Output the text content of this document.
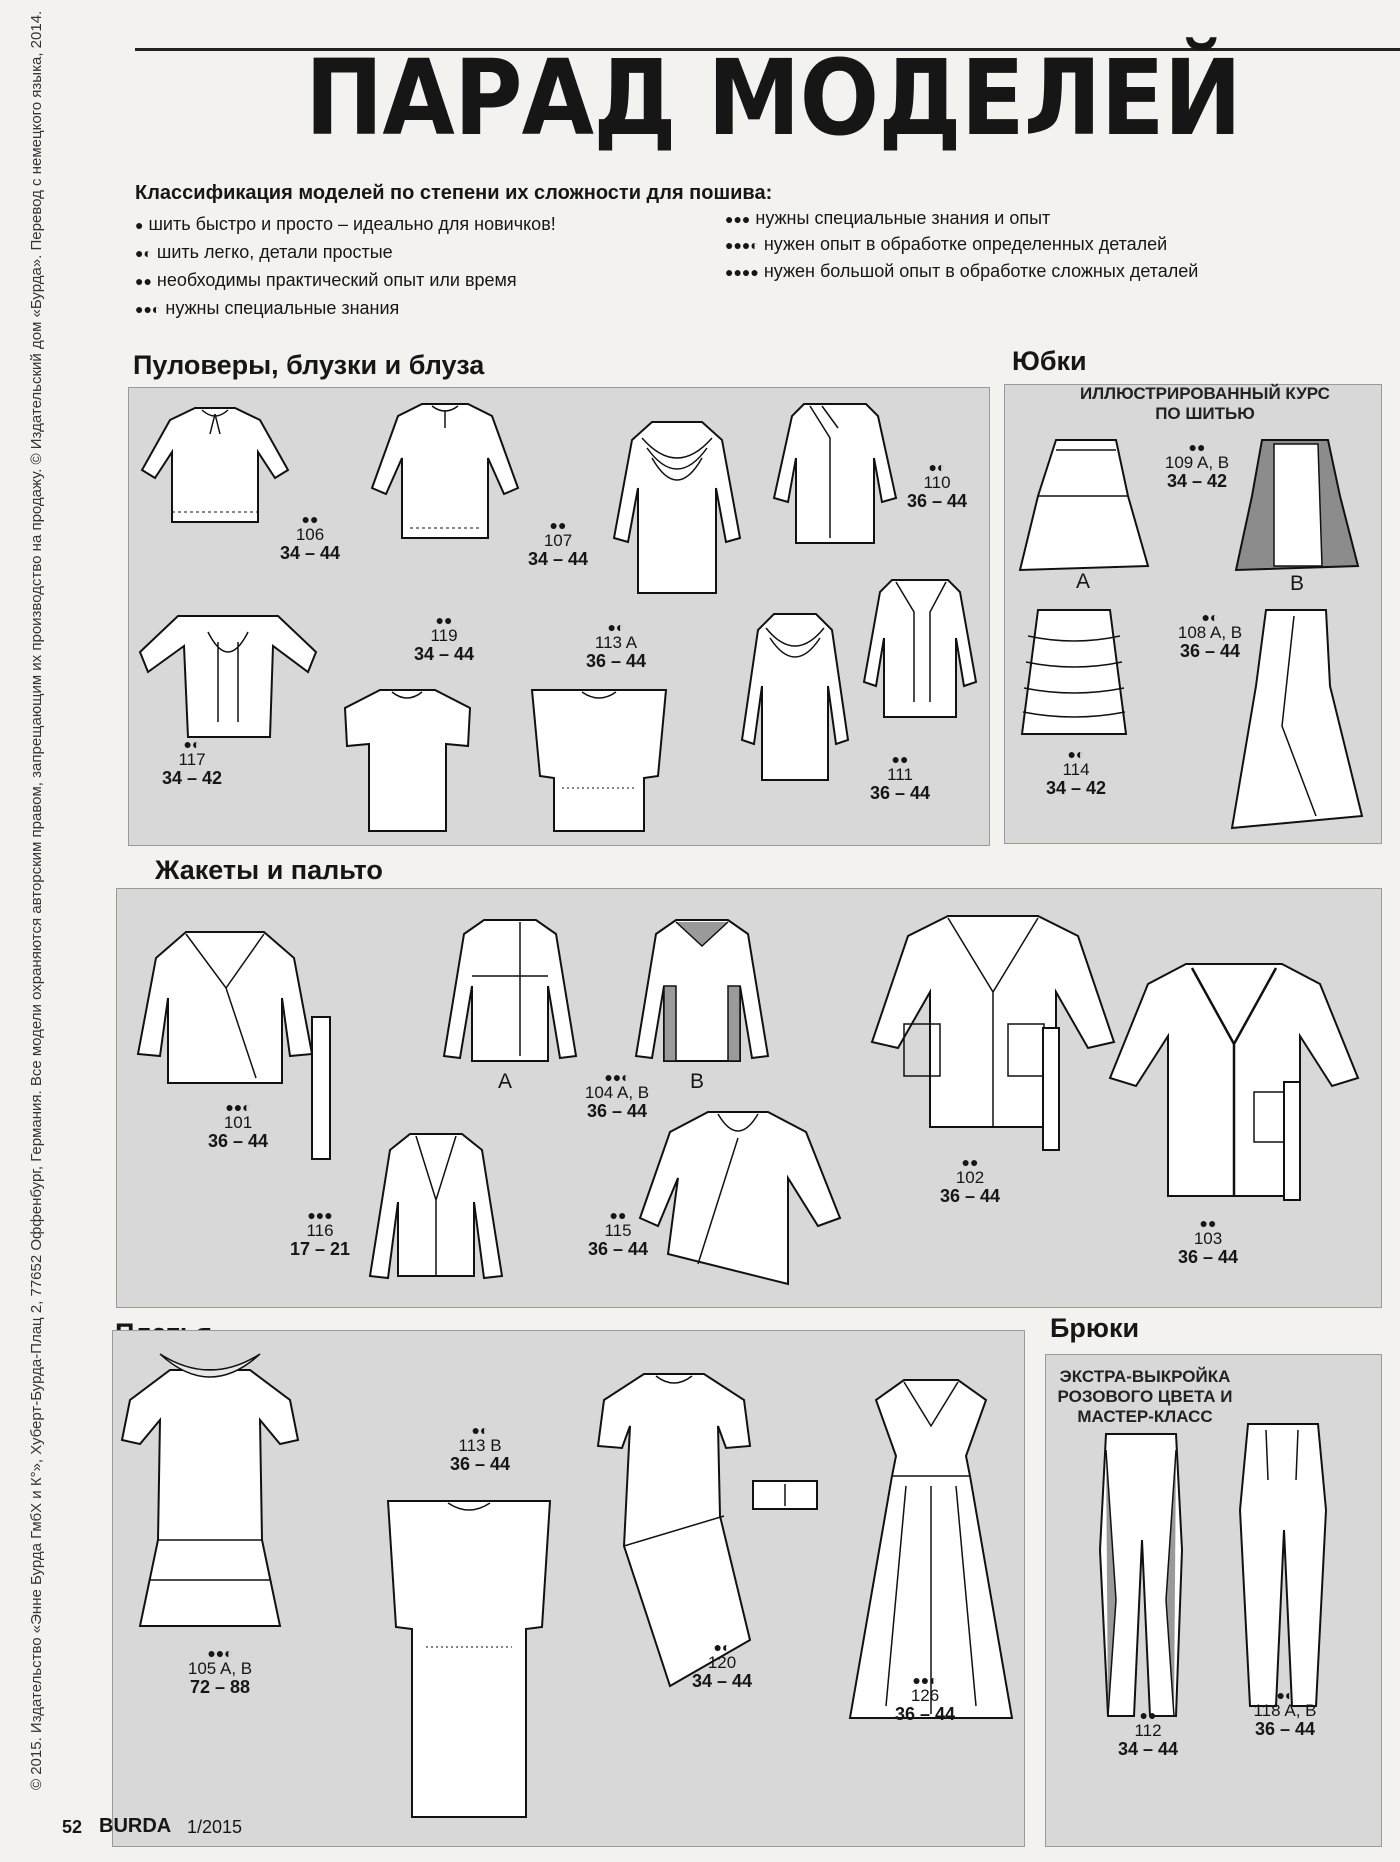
ПАРАД МОДЕЛЕЙ
© 2015. Издательство «Энне Бурда ГмбХ и К°», Хуберт-Бурда-Плац 2, 77652 Оффенбург, Германия. Все модели охраняются авторским правом, запрещающим их производство на продажу. © Издательский дом «Бурда». Перевод с немецкого языка, 2014.	Классификация моделей по степени их сложности для пошива:
● шить быстро и просто – идеально для новичков!
●◐ шить легко, детали простые
●● необходимы практический опыт или время
●●◐ нужны специальные знания
●●● нужны специальные знания и опыт
●●●◐ нужен опыт в обработке определенных деталей
●●●● нужен большой опыт в обработке сложных деталей
Пуловеры, блузки и блуза	Юбки
Жакеты и пальто
Брюки
ИЛЛЮСТРИРОВАННЫЙ КУРС ПО ШИТЬЮ
ЭКСТРА-ВЫКРОЙКА РОЗОВОГО ЦВЕТА И МАСТЕР-КЛАСС
●●
106
34 – 44
●●
107
34 – 44
●◐
110
36 – 44
●●
119
34 – 44
●◐
113 A
36 – 44
●◐
117
34 – 42
●●
111
36 – 44
A	B
●●
109 A, B
34 – 42
●◐
108 A, B
36 – 44
●◐
114
34 – 42
A	B
●●◐
101
36 – 44
●●◐
104 A, B
36 – 44
●●●
116
17 – 21
●●
115
36 – 44
●●
102
36 – 44
●●
103
36 – 44
●◐
113 B
36 – 44
●●◐
105 A, B
72 – 88
●◐
120
34 – 44	●●◐
126
36 – 44	●●
112
34 – 44
●◐
118 A, B
36 – 44
52 BURDA 1/2015
